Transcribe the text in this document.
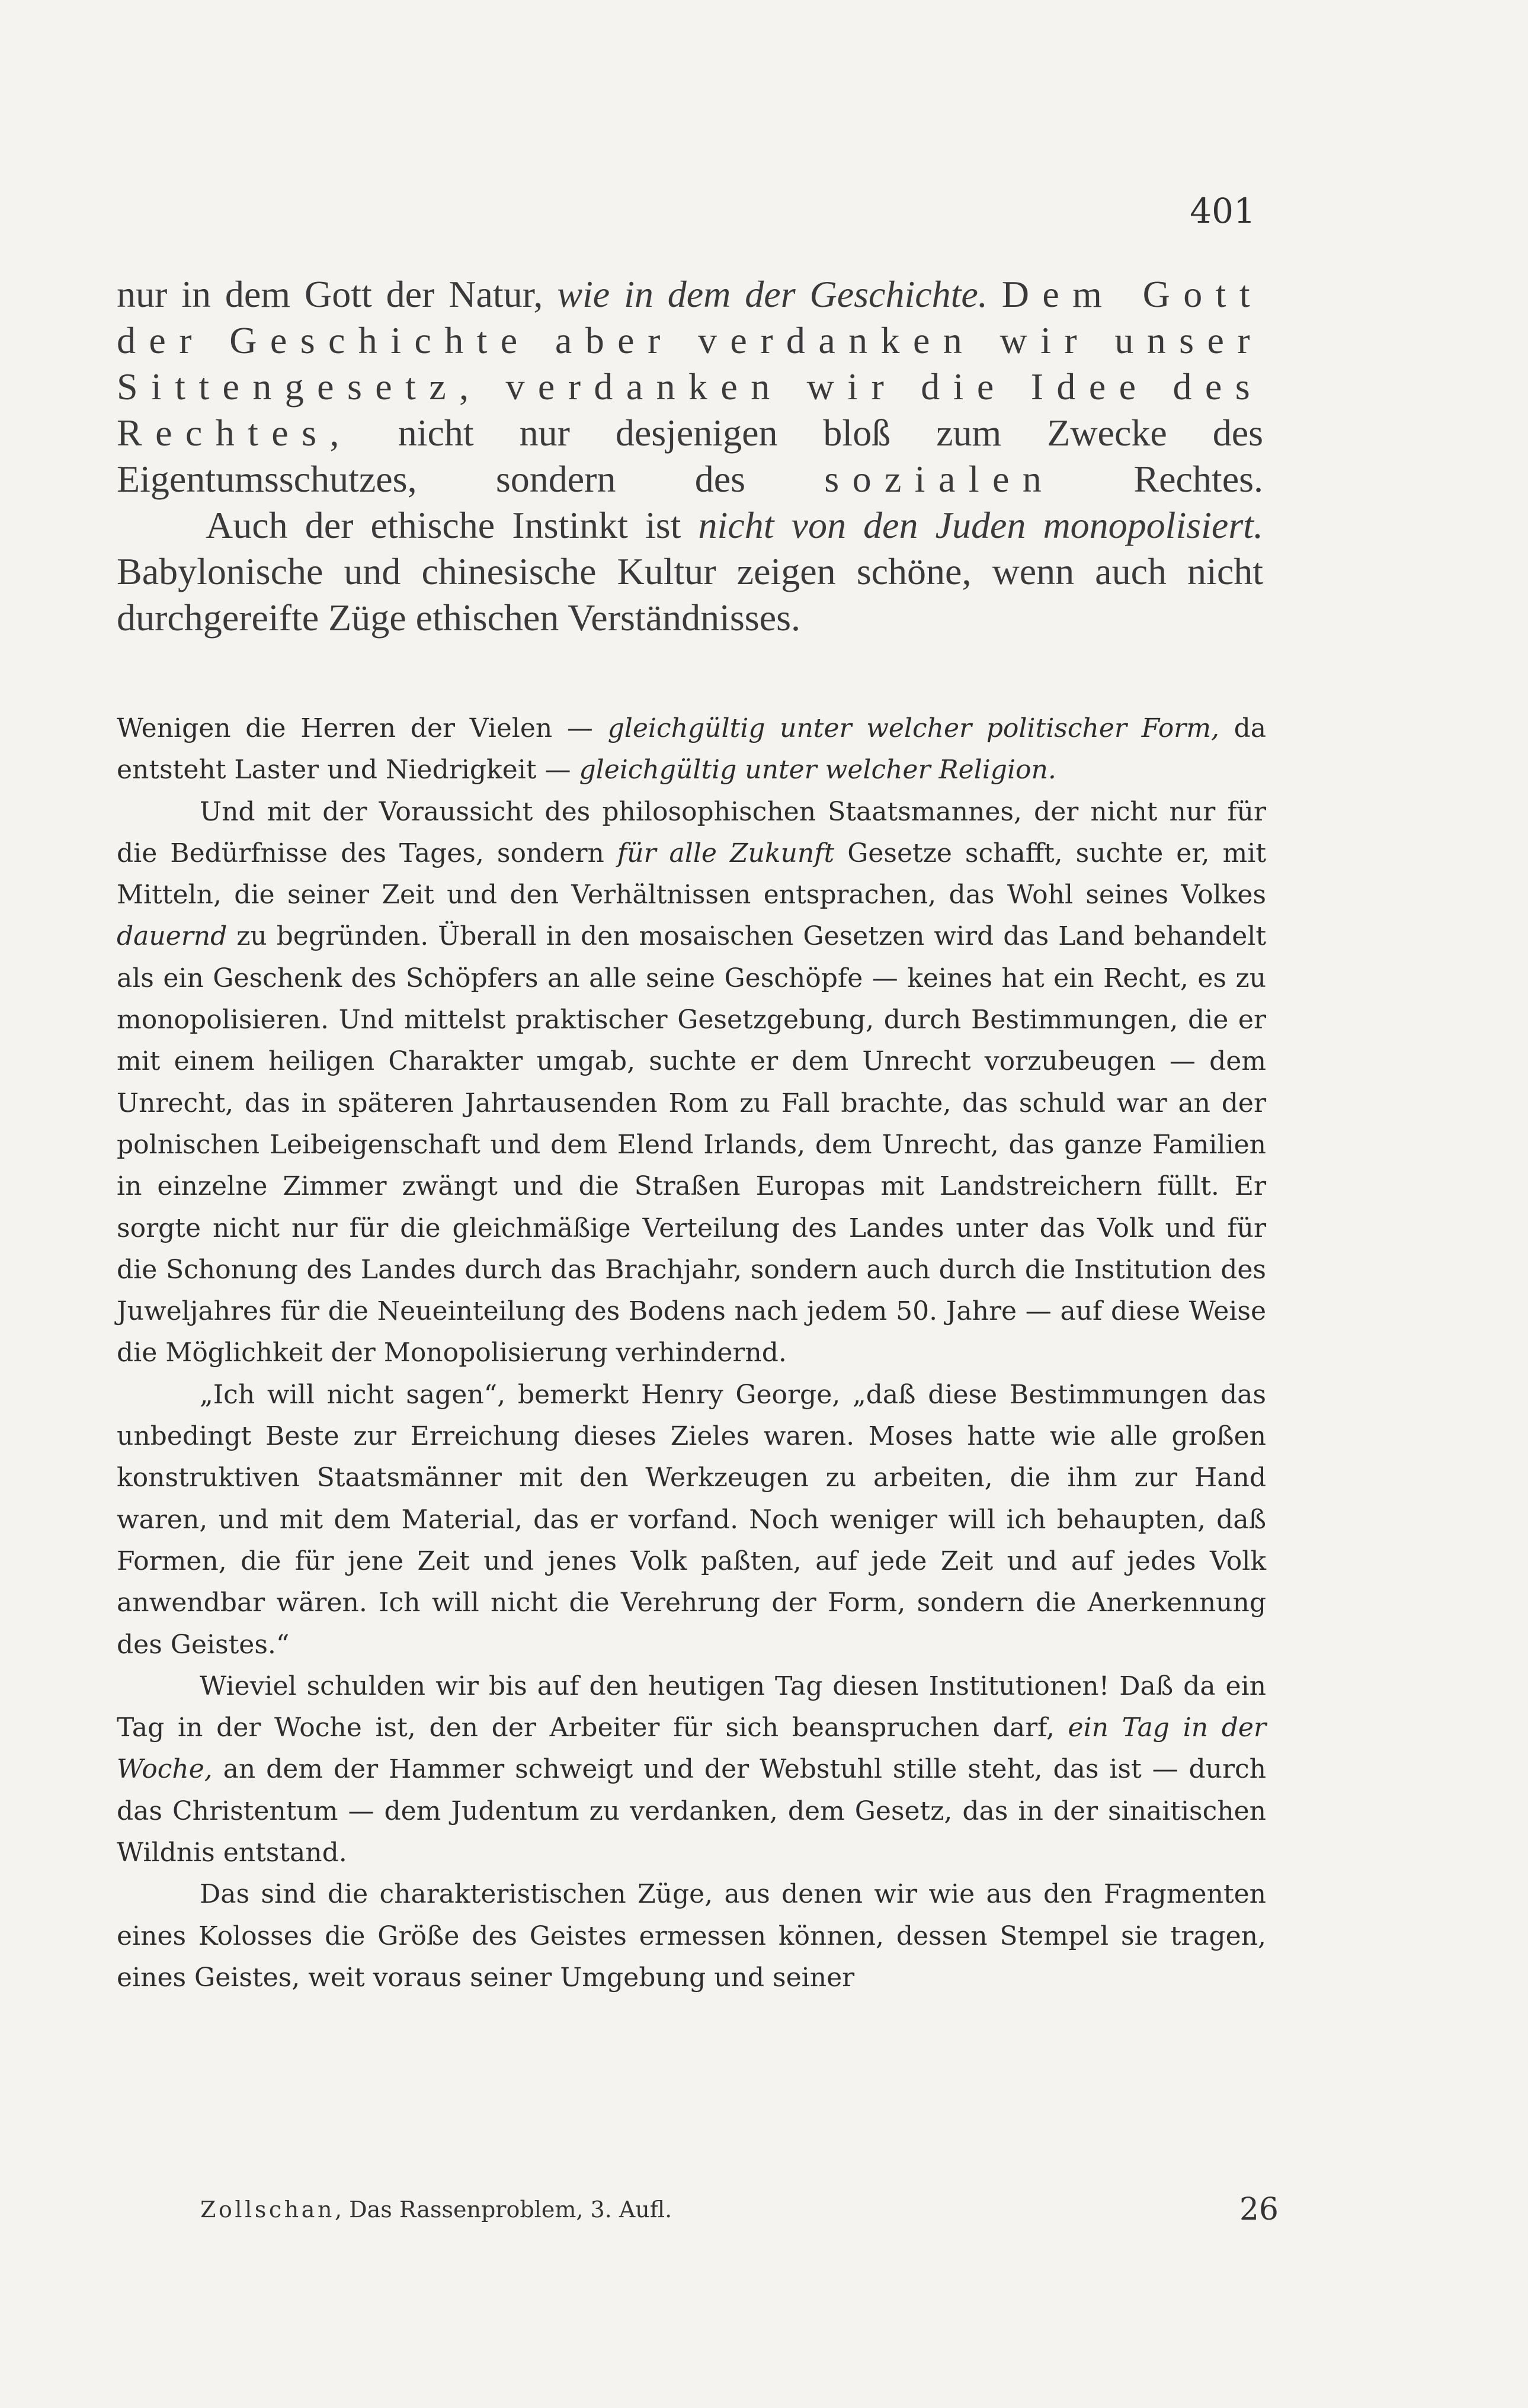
401

nur in dem Gott der Natur, wie in dem der Geschichte. Dem Gott der Geschichte aber verdanken wir unser Sittengesetz, verdanken wir die Idee des Rechtes, nicht nur desjenigen bloß zum Zwecke des Eigentumsschutzes, sondern des sozialen Rechtes.

Auch der ethische Instinkt ist nicht von den Juden monopolisiert. Babylonische und chinesische Kultur zeigen schöne, wenn auch nicht durchgereifte Züge ethischen Verständnisses.

Wenigen die Herren der Vielen — gleichgültig unter welcher politischer Form, da entsteht Laster und Niedrigkeit — gleichgültig unter welcher Religion.

Und mit der Voraussicht des philosophischen Staatsmannes, der nicht nur für die Bedürfnisse des Tages, sondern für alle Zukunft Gesetze schafft, suchte er, mit Mitteln, die seiner Zeit und den Verhältnissen entsprachen, das Wohl seines Volkes dauernd zu begründen. Überall in den mosaischen Gesetzen wird das Land behandelt als ein Geschenk des Schöpfers an alle seine Geschöpfe — keines hat ein Recht, es zu monopolisieren. Und mittelst praktischer Gesetzgebung, durch Bestimmungen, die er mit einem heiligen Charakter umgab, suchte er dem Unrecht vorzubeugen — dem Unrecht, das in späteren Jahrtausenden Rom zu Fall brachte, das schuld war an der polnischen Leibeigenschaft und dem Elend Irlands, dem Unrecht, das ganze Familien in einzelne Zimmer zwängt und die Straßen Europas mit Landstreichern füllt. Er sorgte nicht nur für die gleichmäßige Verteilung des Landes unter das Volk und für die Schonung des Landes durch das Brachjahr, sondern auch durch die Institution des Juweljahres für die Neueinteilung des Bodens nach jedem 50. Jahre — auf diese Weise die Möglichkeit der Monopolisierung verhindernd.

„Ich will nicht sagen“, bemerkt Henry George, „daß diese Bestimmungen das unbedingt Beste zur Erreichung dieses Zieles waren. Moses hatte wie alle großen konstruktiven Staatsmänner mit den Werkzeugen zu arbeiten, die ihm zur Hand waren, und mit dem Material, das er vorfand. Noch weniger will ich behaupten, daß Formen, die für jene Zeit und jenes Volk paßten, auf jede Zeit und auf jedes Volk anwendbar wären. Ich will nicht die Verehrung der Form, sondern die Anerkennung des Geistes.“

Wieviel schulden wir bis auf den heutigen Tag diesen Institutionen! Daß da ein Tag in der Woche ist, den der Arbeiter für sich beanspruchen darf, ein Tag in der Woche, an dem der Hammer schweigt und der Webstuhl stille steht, das ist — durch das Christentum — dem Judentum zu verdanken, dem Gesetz, das in der sinaitischen Wildnis entstand.

Das sind die charakteristischen Züge, aus denen wir wie aus den Fragmenten eines Kolosses die Größe des Geistes ermessen können, dessen Stempel sie tragen, eines Geistes, weit voraus seiner Umgebung und seiner

Zollschan, Das Rassenproblem, 3. Aufl.	26
